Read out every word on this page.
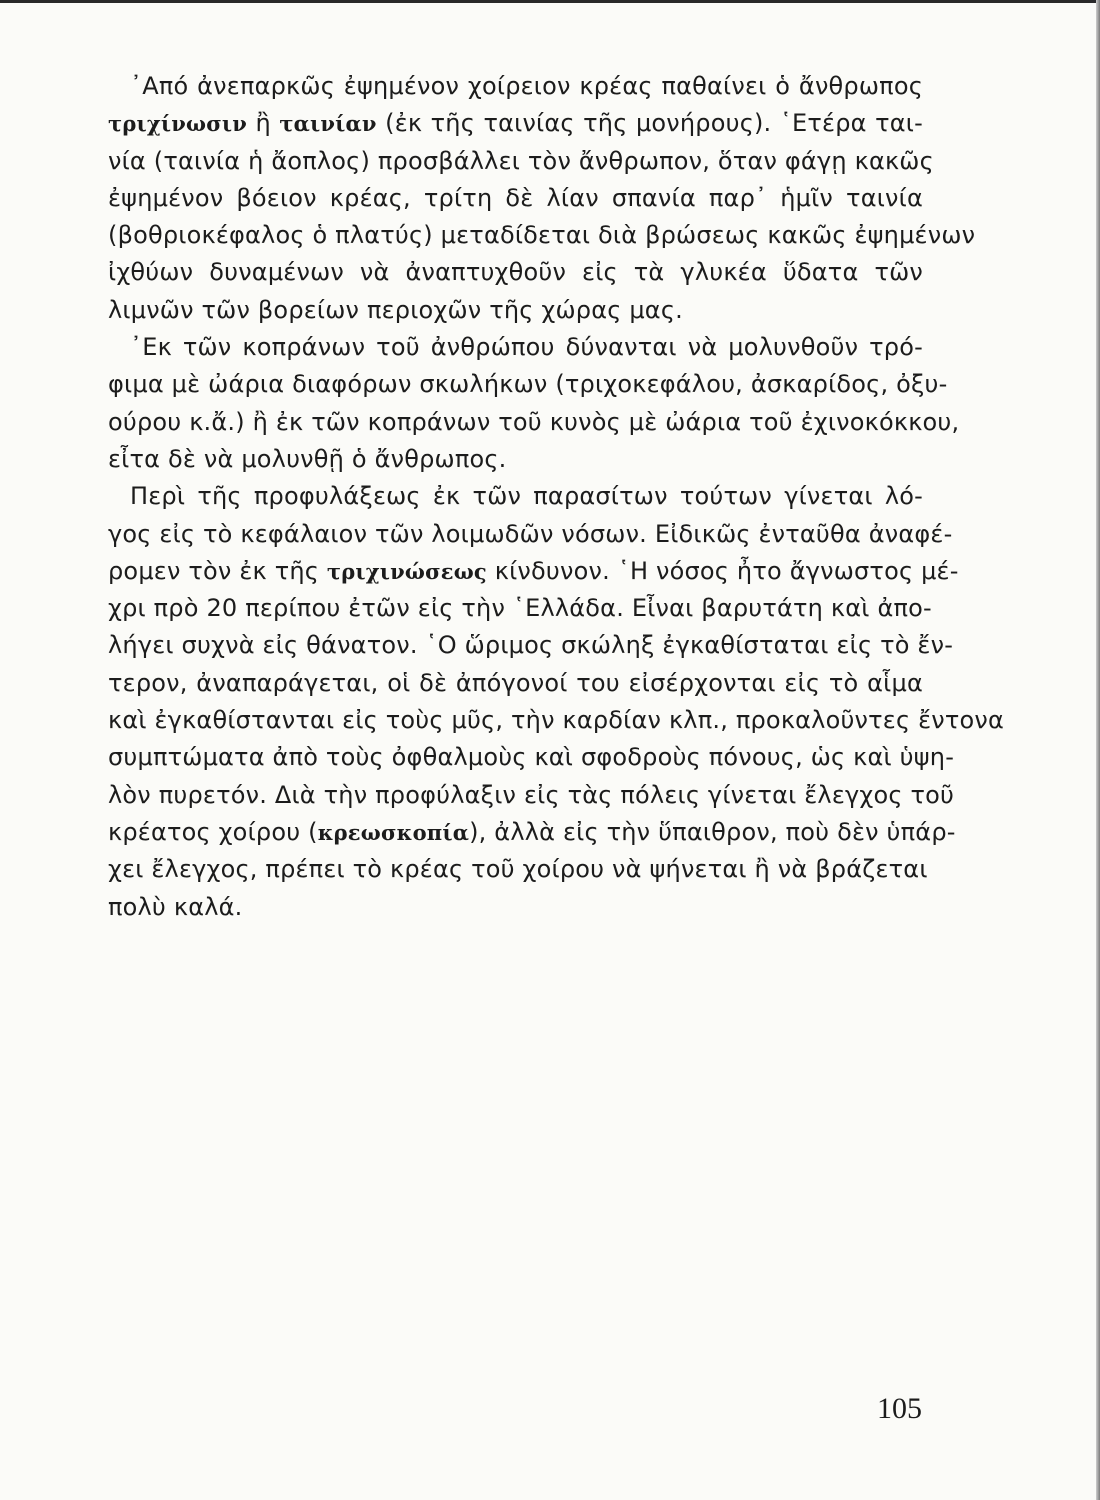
᾿Από ἀνεπαρκῶς ἐψημένον χοίρειον κρέας παθαίνει ὁ ἄνθρωπος
τριχίνωσιν ἢ ταινίαν (ἐκ τῆς ταινίας τῆς μονήρους). ῾Ετέρα ται-
νία (ταινία ἡ ἄοπλος) προσβάλλει τὸν ἄνθρωπον, ὅταν φάγῃ κακῶς
ἐψημένον βόειον κρέας, τρίτη δὲ λίαν σπανία παρ᾿ ἡμῖν ταινία
(βοθριοκέφαλος ὁ πλατύς) μεταδίδεται διὰ βρώσεως κακῶς ἐψημένων
ἰχθύων δυναμένων νὰ ἀναπτυχθοῦν εἰς τὰ γλυκέα ὕδατα τῶν
λιμνῶν τῶν βορείων περιοχῶν τῆς χώρας μας.
᾿Εκ τῶν κοπράνων τοῦ ἀνθρώπου δύνανται νὰ μολυνθοῦν τρό-
φιμα μὲ ὠάρια διαφόρων σκωλήκων (τριχοκεφάλου, ἀσκαρίδος, ὀξυ-
ούρου κ.ἄ.) ἢ ἐκ τῶν κοπράνων τοῦ κυνὸς μὲ ὠάρια τοῦ ἐχινοκόκκου,
εἶτα δὲ νὰ μολυνθῇ ὁ ἄνθρωπος.
Περὶ τῆς προφυλάξεως ἐκ τῶν παρασίτων τούτων γίνεται λό-
γος εἰς τὸ κεφάλαιον τῶν λοιμωδῶν νόσων. Εἰδικῶς ἐνταῦθα ἀναφέ-
ρομεν τὸν ἐκ τῆς τριχινώσεως κίνδυνον. ῾Η νόσος ἦτο ἄγνωστος μέ-
χρι πρὸ 20 περίπου ἐτῶν εἰς τὴν ῾Ελλάδα. Εἶναι βαρυτάτη καὶ ἀπο-
λήγει συχνὰ εἰς θάνατον. ῾Ο ὥριμος σκώληξ ἐγκαθίσταται εἰς τὸ ἔν-
τερον, ἀναπαράγεται, οἱ δὲ ἀπόγονοί του εἰσέρχονται εἰς τὸ αἷμα
καὶ ἐγκαθίστανται εἰς τοὺς μῦς, τὴν καρδίαν κλπ., προκαλοῦντες ἔντονα
συμπτώματα ἀπὸ τοὺς ὀφθαλμοὺς καὶ σφοδροὺς πόνους, ὡς καὶ ὑψη-
λὸν πυρετόν. Διὰ τὴν προφύλαξιν εἰς τὰς πόλεις γίνεται ἔλεγχος τοῦ
κρέατος χοίρου (κρεωσκοπία), ἀλλὰ εἰς τὴν ὕπαιθρον, ποὺ δὲν ὑπάρ-
χει ἔλεγχος, πρέπει τὸ κρέας τοῦ χοίρου νὰ ψήνεται ἢ νὰ βράζεται
πολὺ καλά.
105
